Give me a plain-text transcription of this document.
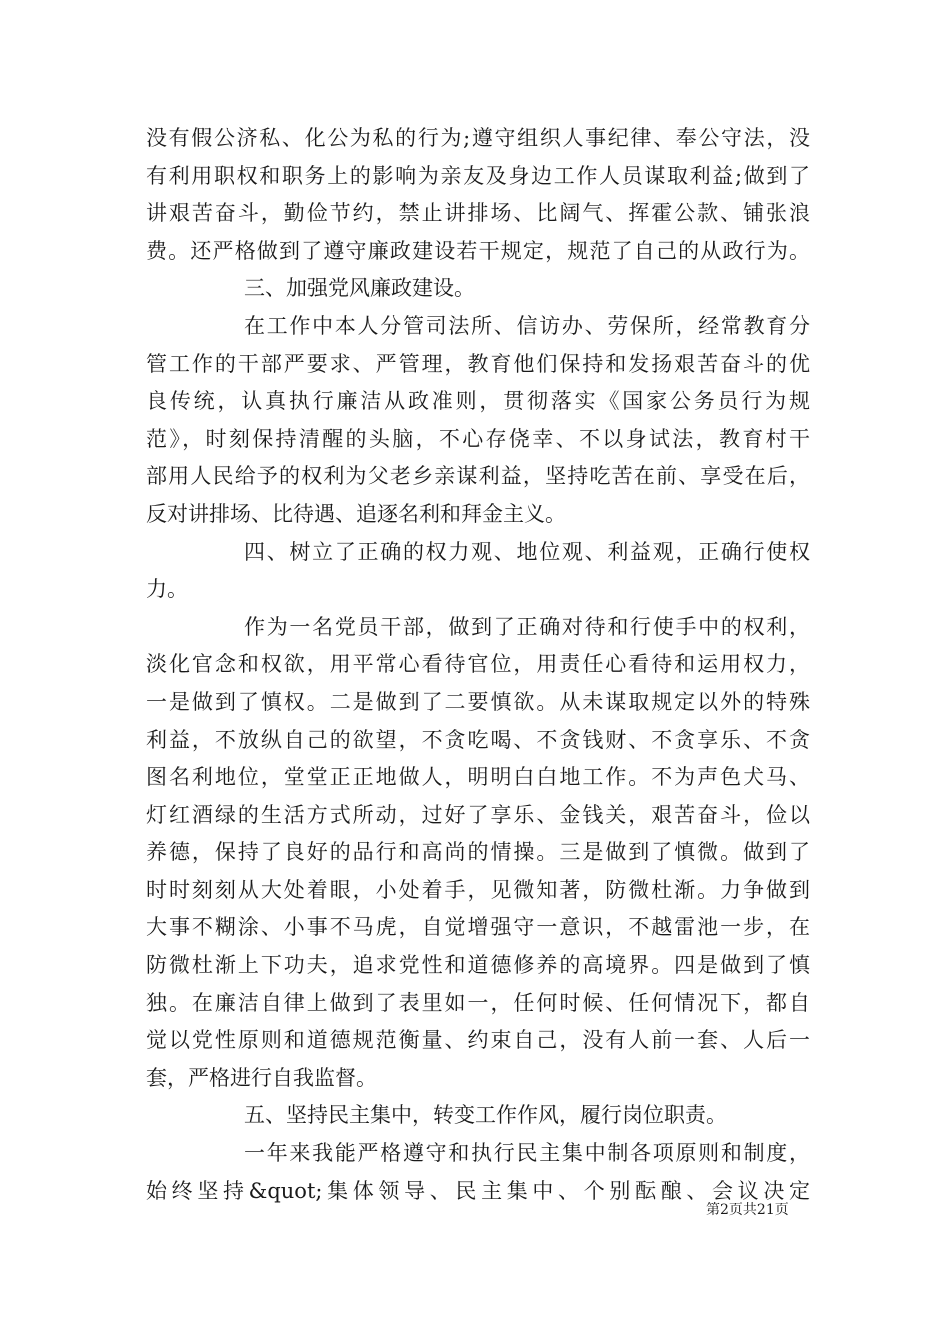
没有假公济私、化公为私的行为;遵守组织人事纪律、奉公守法，没
有利用职权和职务上的影响为亲友及身边工作人员谋取利益;做到了
讲艰苦奋斗，勤俭节约，禁止讲排场、比阔气、挥霍公款、铺张浪
费。还严格做到了遵守廉政建设若干规定，规范了自己的从政行为。
三、加强党风廉政建设。
在工作中本人分管司法所、信访办、劳保所，经常教育分
管工作的干部严要求、严管理，教育他们保持和发扬艰苦奋斗的优
良传统，认真执行廉洁从政准则，贯彻落实《国家公务员行为规
范》，时刻保持清醒的头脑，不心存侥幸、不以身试法，教育村干
部用人民给予的权利为父老乡亲谋利益，坚持吃苦在前、享受在后，
反对讲排场、比待遇、追逐名利和拜金主义。
四、树立了正确的权力观、地位观、利益观，正确行使权
力。
作为一名党员干部，做到了正确对待和行使手中的权利，
淡化官念和权欲，用平常心看待官位，用责任心看待和运用权力，
一是做到了慎权。二是做到了二要慎欲。从未谋取规定以外的特殊
利益，不放纵自己的欲望，不贪吃喝、不贪钱财、不贪享乐、不贪
图名利地位，堂堂正正地做人，明明白白地工作。不为声色犬马、
灯红酒绿的生活方式所动，过好了享乐、金钱关，艰苦奋斗，俭以
养德，保持了良好的品行和高尚的情操。三是做到了慎微。做到了
时时刻刻从大处着眼，小处着手，见微知著，防微杜渐。力争做到
大事不糊涂、小事不马虎，自觉增强守一意识，不越雷池一步，在
防微杜渐上下功夫，追求党性和道德修养的高境界。四是做到了慎
独。在廉洁自律上做到了表里如一，任何时候、任何情况下，都自
觉以党性原则和道德规范衡量、约束自己，没有人前一套、人后一
套，严格进行自我监督。
五、坚持民主集中，转变工作作风，履行岗位职责。
一年来我能严格遵守和执行民主集中制各项原则和制度，
始终坚持&quot;集体领导、民主集中、个别酝酿、会议决定
第2页共21页
